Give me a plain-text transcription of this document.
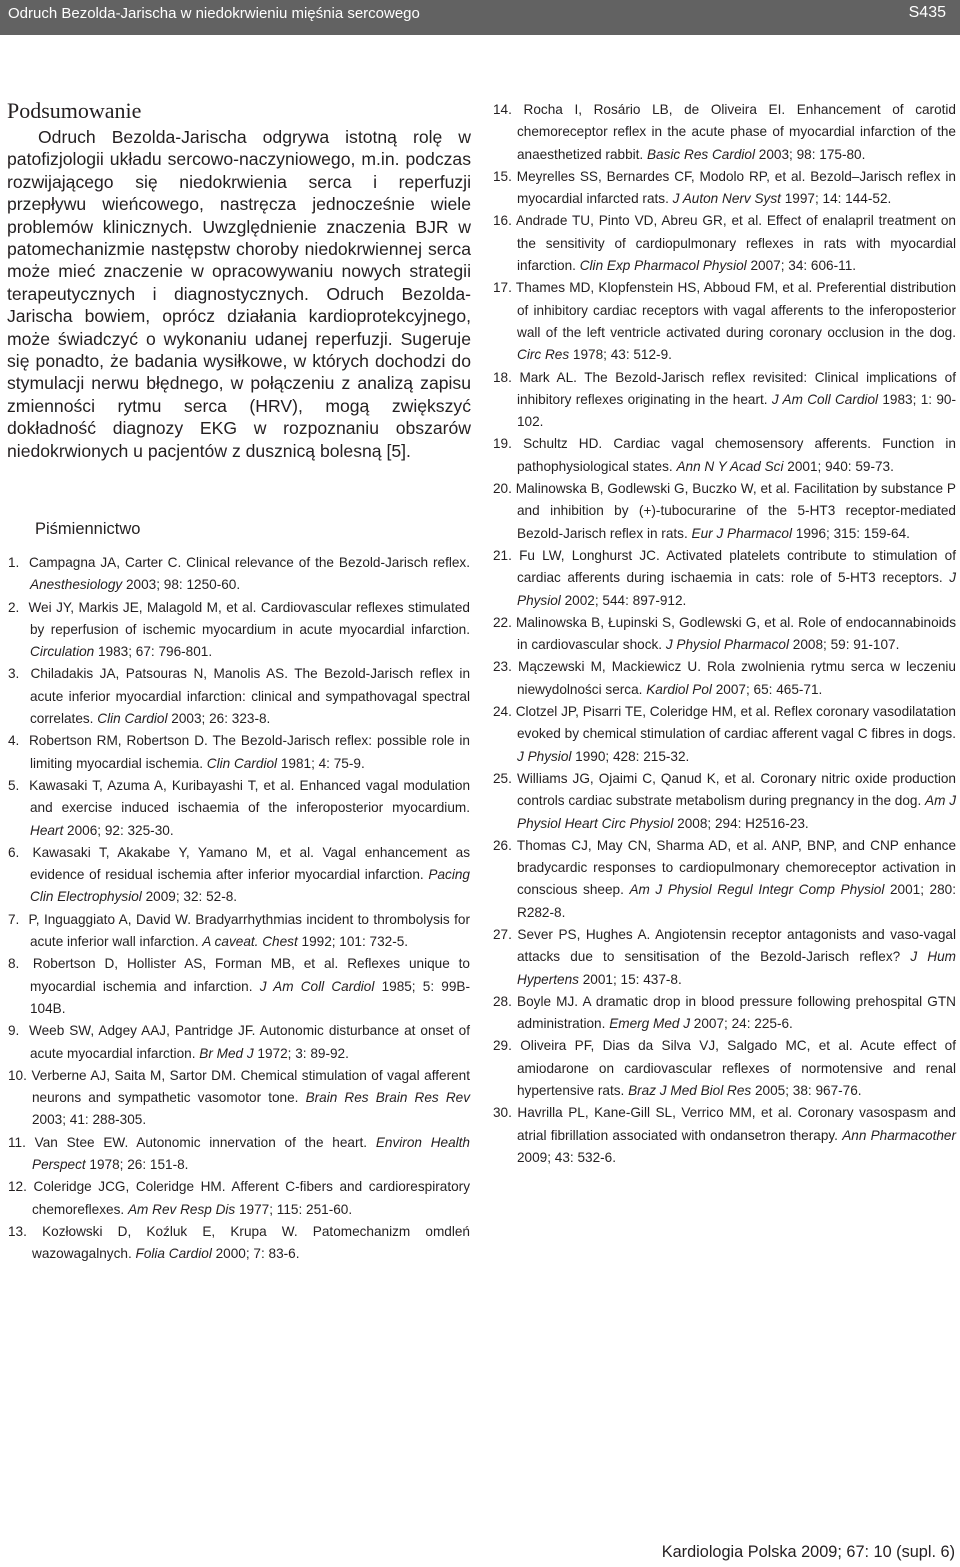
Odruch Bezolda-Jarischa w niedokrwieniu mięśnia sercowego	S435
Podsumowanie

Odruch Bezolda-Jarischa odgrywa istotną rolę w patofizjologii układu sercowo-naczyniowego, m.in. podczas rozwijającego się niedokrwienia serca i reperfuzji przepływu wieńcowego, nastręcza jednocześnie wiele problemów klinicznych. Uwzględnienie znaczenia BJR w patomechanizmie następstw choroby niedokrwiennej serca może mieć znaczenie w opracowywaniu nowych strategii terapeutycznych i diagnostycznych. Odruch Bezolda-Jarischa bowiem, oprócz działania kardioprotekcyjnego, może świadczyć o wykonaniu udanej reperfuzji. Sugeruje się ponadto, że badania wysiłkowe, w których dochodzi do stymulacji nerwu błędnego, w połączeniu z analizą zapisu zmienności rytmu serca (HRV), mogą zwiększyć dokładność diagnozy EKG w rozpoznaniu obszarów niedokrwionych u pacjentów z dusznicą bolesną [5].

Piśmiennictwo
1. Campagna JA, Carter C. Clinical relevance of the Bezold-Jarisch reflex. Anesthesiology 2003; 98: 1250-60.
2. Wei JY, Markis JE, Malagold M, et al. Cardiovascular reflexes stimulated by reperfusion of ischemic myocardium in acute myocardial infarction. Circulation 1983; 67: 796-801.
3. Chiladakis JA, Patsouras N, Manolis AS. The Bezold-Jarisch reflex in acute inferior myocardial infarction: clinical and sympathovagal spectral correlates. Clin Cardiol 2003; 26: 323-8.
4. Robertson RM, Robertson D. The Bezold-Jarisch reflex: possible role in limiting myocardial ischemia. Clin Cardiol 1981; 4: 75-9.
5. Kawasaki T, Azuma A, Kuribayashi T, et al. Enhanced vagal modulation and exercise induced ischaemia of the inferoposterior myocardium. Heart 2006; 92: 325-30.
6. Kawasaki T, Akakabe Y, Yamano M, et al. Vagal enhancement as evidence of residual ischemia after inferior myocardial infarction. Pacing Clin Electrophysiol 2009; 32: 52-8.
7. P, Inguaggiato A, David W. Bradyarrhythmias incident to thrombolysis for acute inferior wall infarction. A caveat. Chest 1992; 101: 732-5.
8. Robertson D, Hollister AS, Forman MB, et al. Reflexes unique to myocardial ischemia and infarction. J Am Coll Cardiol 1985; 5: 99B-104B.
9. Weeb SW, Adgey AAJ, Pantridge JF. Autonomic disturbance at onset of acute myocardial infarction. Br Med J 1972; 3: 89-92.
10. Verberne AJ, Saita M, Sartor DM. Chemical stimulation of vagal afferent neurons and sympathetic vasomotor tone. Brain Res Brain Res Rev 2003; 41: 288-305.
11. Van Stee EW. Autonomic innervation of the heart. Environ Health Perspect 1978; 26: 151-8.
12. Coleridge JCG, Coleridge HM. Afferent C-fibers and cardiorespiratory chemoreflexes. Am Rev Resp Dis 1977; 115: 251-60.
13. Kozłowski D, Koźluk E, Krupa W. Patomechanizm omdleń wazowagalnych. Folia Cardiol 2000; 7: 83-6.
14. Rocha I, Rosário LB, de Oliveira EI. Enhancement of carotid chemoreceptor reflex in the acute phase of myocardial infarction of the anaesthetized rabbit. Basic Res Cardiol 2003; 98: 175-80.
15. Meyrelles SS, Bernardes CF, Modolo RP, et al. Bezold–Jarisch reflex in myocardial infarcted rats. J Auton Nerv Syst 1997; 14: 144-52.
16. Andrade TU, Pinto VD, Abreu GR, et al. Effect of enalapril treatment on the sensitivity of cardiopulmonary reflexes in rats with myocardial infarction. Clin Exp Pharmacol Physiol 2007; 34: 606-11.
17. Thames MD, Klopfenstein HS, Abboud FM, et al. Preferential distribution of inhibitory cardiac receptors with vagal afferents to the inferoposterior wall of the left ventricle activated during coronary occlusion in the dog. Circ Res 1978; 43: 512-9.
18. Mark AL. The Bezold-Jarisch reflex revisited: Clinical implications of inhibitory reflexes originating in the heart. J Am Coll Cardiol 1983; 1: 90-102.
19. Schultz HD. Cardiac vagal chemosensory afferents. Function in pathophysiological states. Ann N Y Acad Sci 2001; 940: 59-73.
20. Malinowska B, Godlewski G, Buczko W, et al. Facilitation by substance P and inhibition by (+)-tubocurarine of the 5-HT3 receptor-mediated Bezold-Jarisch reflex in rats. Eur J Pharmacol 1996; 315: 159-64.
21. Fu LW, Longhurst JC. Activated platelets contribute to stimulation of cardiac afferents during ischaemia in cats: role of 5-HT3 receptors. J Physiol 2002; 544: 897-912.
22. Malinowska B, Łupinski S, Godlewski G, et al. Role of endocannabinoids in cardiovascular shock. J Physiol Pharmacol 2008; 59: 91-107.
23. Mączewski M, Mackiewicz U. Rola zwolnienia rytmu serca w leczeniu niewydolności serca. Kardiol Pol 2007; 65: 465-71.
24. Clotzel JP, Pisarri TE, Coleridge HM, et al. Reflex coronary vasodilatation evoked by chemical stimulation of cardiac afferent vagal C fibres in dogs. J Physiol 1990; 428: 215-32.
25. Williams JG, Ojaimi C, Qanud K, et al. Coronary nitric oxide production controls cardiac substrate metabolism during pregnancy in the dog. Am J Physiol Heart Circ Physiol 2008; 294: H2516-23.
26. Thomas CJ, May CN, Sharma AD, et al. ANP, BNP, and CNP enhance bradycardic responses to cardiopulmonary chemoreceptor activation in conscious sheep. Am J Physiol Regul Integr Comp Physiol 2001; 280: R282-8.
27. Sever PS, Hughes A. Angiotensin receptor antagonists and vaso-vagal attacks due to sensitisation of the Bezold-Jarisch reflex? J Hum Hypertens 2001; 15: 437-8.
28. Boyle MJ. A dramatic drop in blood pressure following prehospital GTN administration. Emerg Med J 2007; 24: 225-6.
29. Oliveira PF, Dias da Silva VJ, Salgado MC, et al. Acute effect of amiodarone on cardiovascular reflexes of normotensive and renal hypertensive rats. Braz J Med Biol Res 2005; 38: 967-76.
30. Havrilla PL, Kane-Gill SL, Verrico MM, et al. Coronary vasospasm and atrial fibrillation associated with ondansetron therapy. Ann Pharmacother 2009; 43: 532-6.
Kardiologia Polska 2009; 67: 10 (supl. 6)
